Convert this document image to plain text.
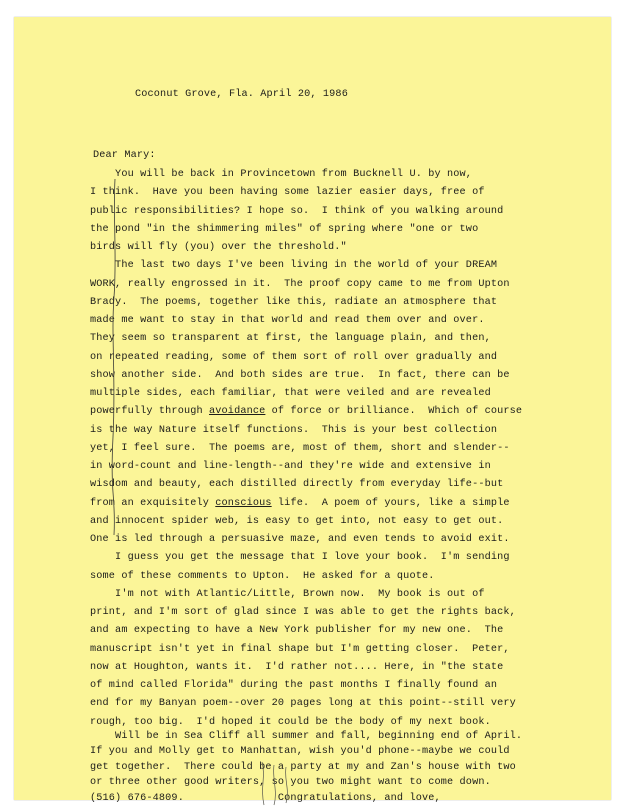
Coconut Grove, Fla. April 20, 1986

Dear Mary:

You will be back in Provincetown from Bucknell U. by now,
I think.  Have you been having some lazier easier days, free of
public responsibilities? I hope so.  I think of you walking around
the pond "in the shimmering miles" of spring where "one or two
birds will fly (you) over the threshold."
The last two days I've been living in the world of your DREAM
WORK, really engrossed in it.  The proof copy came to me from Upton
Brady.  The poems, together like this, radiate an atmosphere that
made me want to stay in that world and read them over and over.
They seem so transparent at first, the language plain, and then,
on repeated reading, some of them sort of roll over gradually and
show another side.  And both sides are true.  In fact, there can be
multiple sides, each familiar, that were veiled and are revealed
powerfully through avoidance of force or brilliance.  Which of course
is the way Nature itself functions.  This is your best collection
yet, I feel sure.  The poems are, most of them, short and slender--
in word-count and line-length--and they're wide and extensive in
wisdom and beauty, each distilled directly from everyday life--but
from an exquisitely conscious life.  A poem of yours, like a simple
and innocent spider web, is easy to get into, not easy to get out.
One is led through a persuasive maze, and even tends to avoid exit.
I guess you get the message that I love your book.  I'm sending
some of these comments to Upton.  He asked for a quote.
I'm not with Atlantic/Little, Brown now.  My book is out of
print, and I'm sort of glad since I was able to get the rights back,
and am expecting to have a New York publisher for my new one.  The
manuscript isn't yet in final shape but I'm getting closer.  Peter,
now at Houghton, wants it.  I'd rather not.... Here, in "the state
of mind called Florida" during the past months I finally found an
end for my Banyan poem--over 20 pages long at this point--still very
rough, too big.  I'd hoped it could be the body of my next book.
Will be in Sea Cliff all summer and fall, beginning end of April.
If you and Molly get to Manhattan, wish you'd phone--maybe we could
get together.  There could be a party at my and Zan's house with two
or three other good writers, so you two might want to come down.
(516) 676-4809.               Congratulations, and love,
